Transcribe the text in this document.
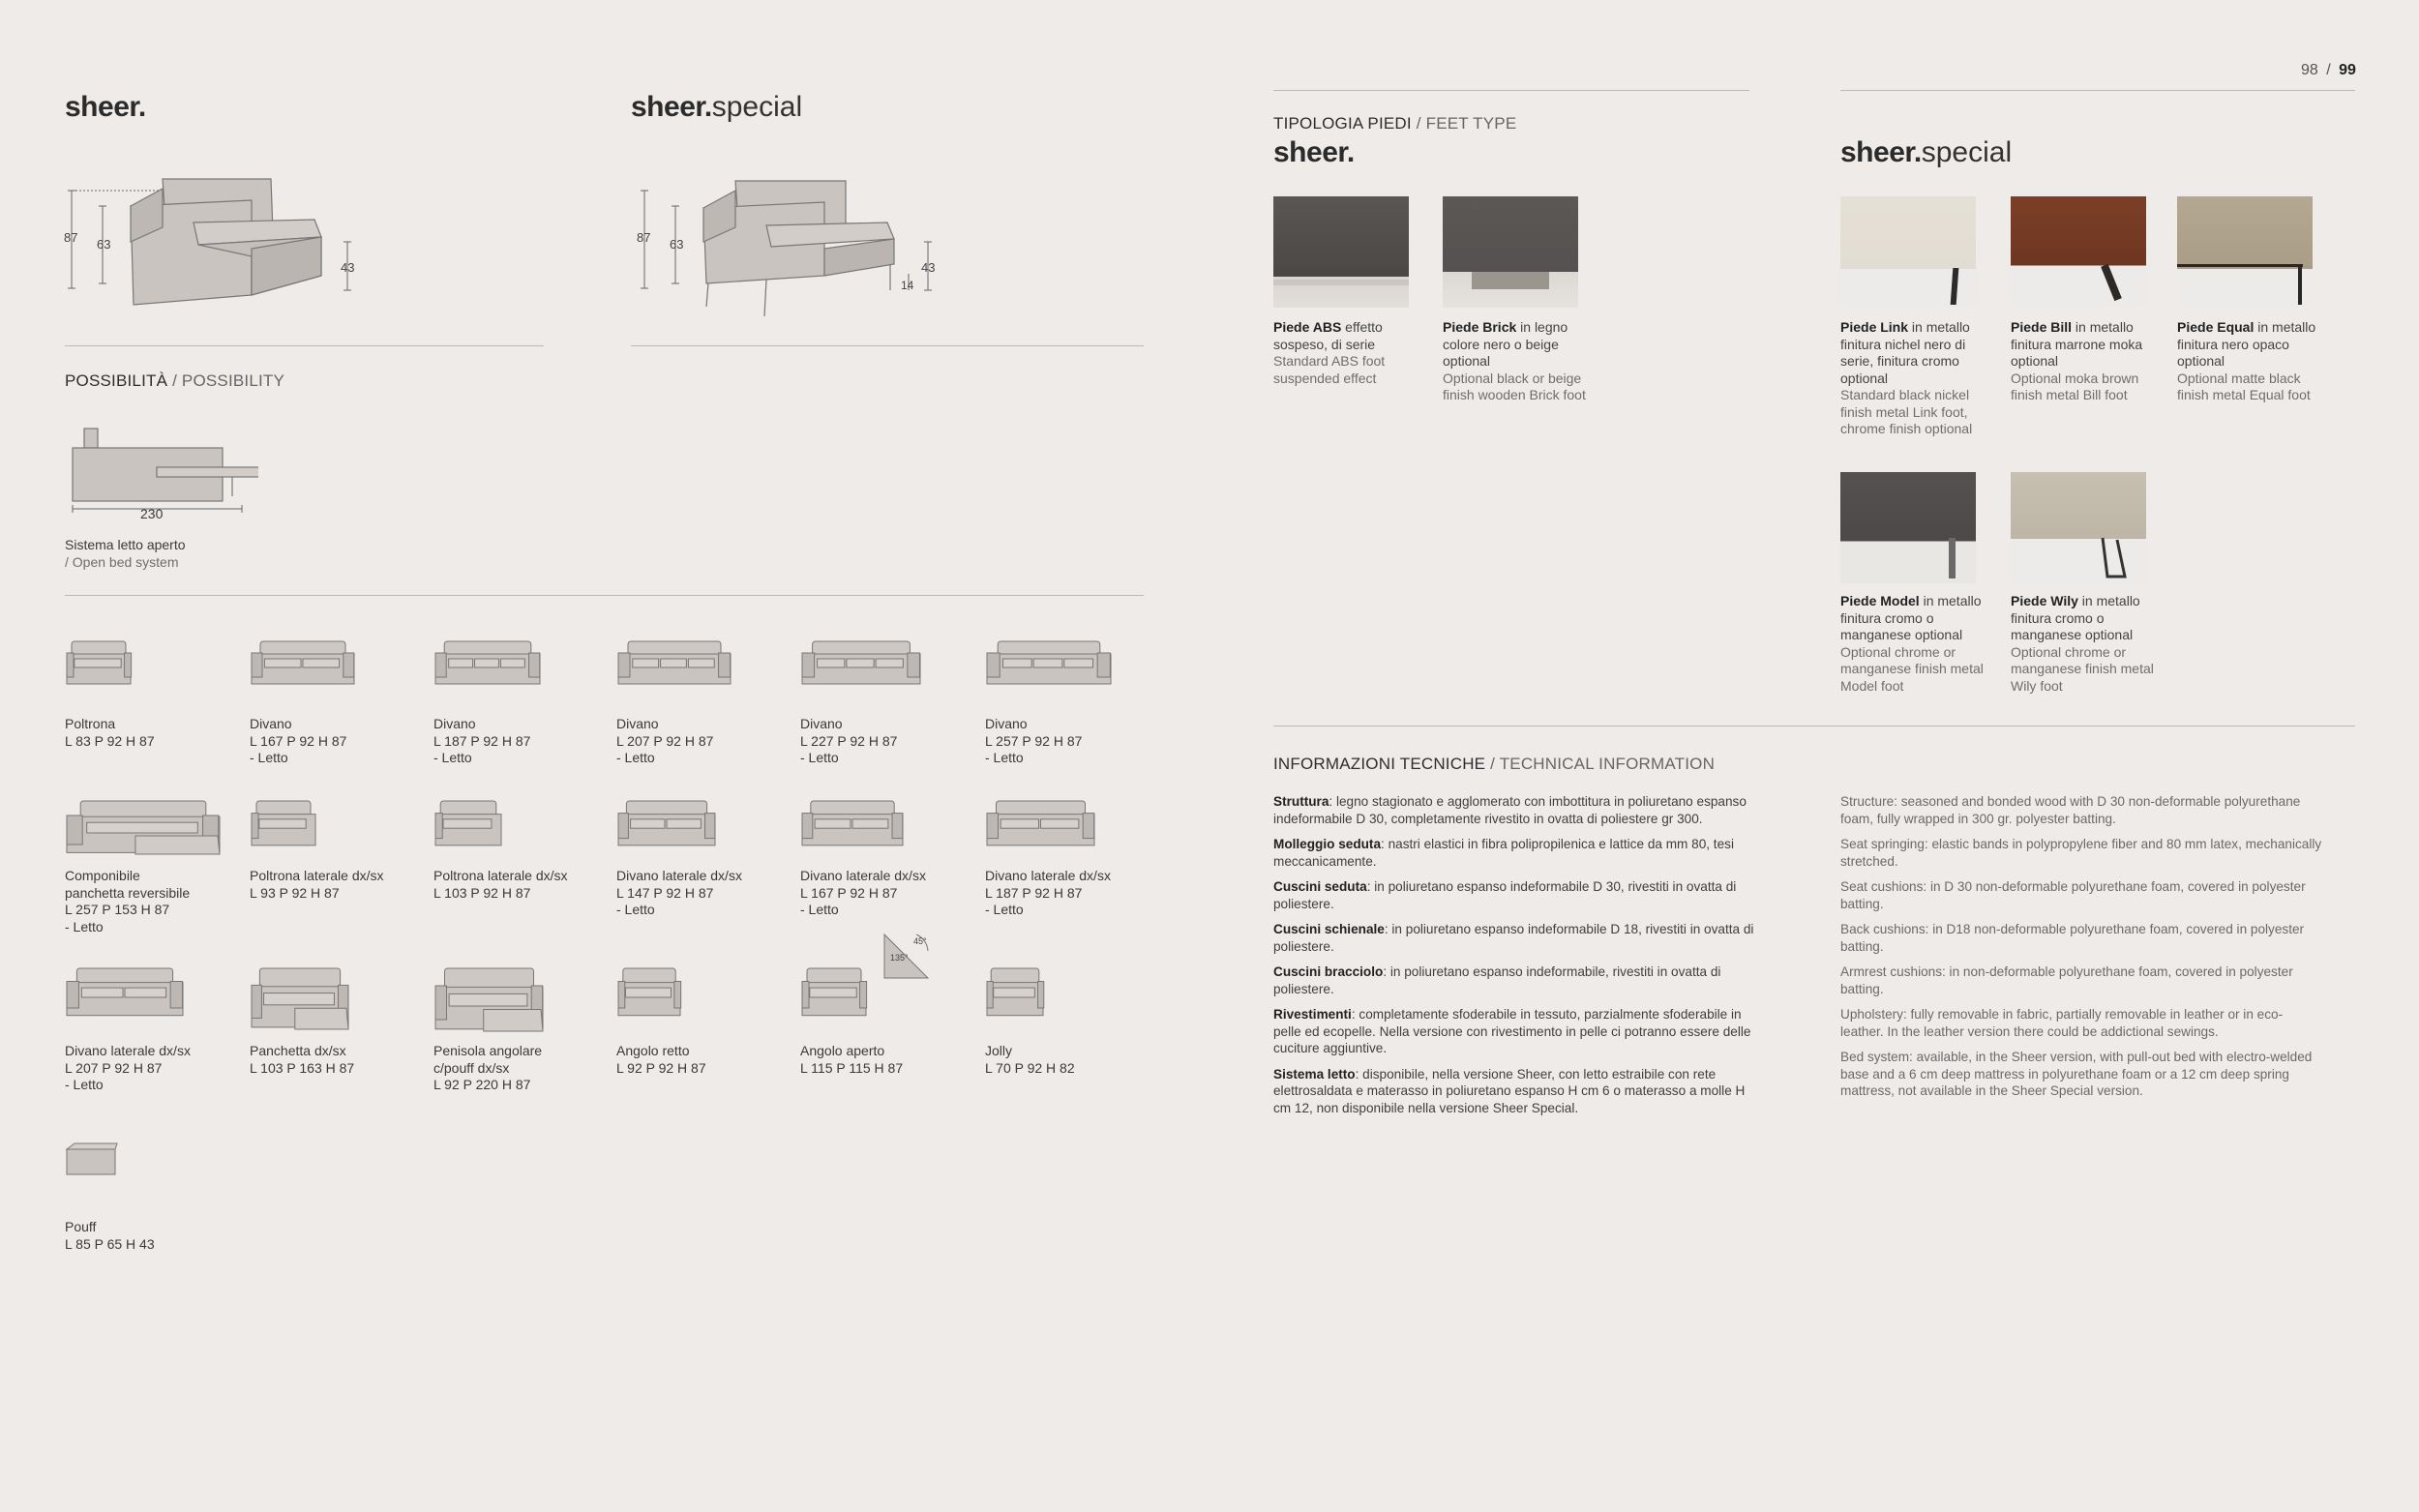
98 / 99
sheer.	sheer.special
87 63
43
87 63
43
14
POSSIBILITÀ / POSSIBILITY
230
Sistema letto aperto
/ Open bed system
Poltrona
L 83 P 92 H 87
Divano
L 167 P 92 H 87
- Letto
Divano
L 187 P 92 H 87
- Letto
Divano
L 207 P 92 H 87
- Letto
Divano
L 227 P 92 H 87
- Letto
Divano
L 257 P 92 H 87
- Letto
Componibile
panchetta reversibile
L 257 P 153 H 87
- Letto
Poltrona laterale dx/sx
L 93 P 92 H 87
Poltrona laterale dx/sx
L 103 P 92 H 87
Divano laterale dx/sx
L 147 P 92 H 87
- Letto
Divano laterale dx/sx
L 167 P 92 H 87
- Letto
Divano laterale dx/sx
L 187 P 92 H 87
- Letto
Divano laterale dx/sx
L 207 P 92 H 87
- Letto
Panchetta dx/sx
L 103 P 163 H 87
Penisola angolare
c/pouff dx/sx
L 92 P 220 H 87
Angolo retto
L 92 P 92 H 87
Angolo aperto
L 115 P 115 H 87
Jolly
L 70 P 92 H 82
Pouff
L 85 P 65 H 43
45°
135°
TIPOLOGIA PIEDI / FEET TYPE
sheer.	sheer.special
Piede ABS effetto sospeso, di serie
Standard ABS foot suspended effect
Piede Brick in legno colore nero o beige optional
Optional black or beige finish wooden Brick foot
Piede Link in metallo finitura nichel nero di serie, finitura cromo optional
Standard black nickel finish metal Link foot, chrome finish optional
Piede Bill in metallo finitura marrone moka optional
Optional moka brown finish metal Bill foot
Piede Equal in metallo finitura nero opaco optional
Optional matte black finish metal Equal foot
Piede Model in metallo finitura cromo o manganese optional
Optional chrome or manganese finish metal Model foot
Piede Wily in metallo finitura cromo o manganese optional
Optional chrome or manganese finish metal Wily foot
INFORMAZIONI TECNICHE / TECHNICAL INFORMATION

Struttura: legno stagionato e agglomerato con imbottitura in poliuretano espanso indeformabile D 30, completamente rivestito in ovatta di poliestere gr 300.

Molleggio seduta: nastri elastici in fibra polipropilenica e lattice da mm 80, tesi meccanicamente.

Cuscini seduta: in poliuretano espanso indeformabile D 30, rivestiti in ovatta di poliestere.

Cuscini schienale: in poliuretano espanso indeformabile D 18, rivestiti in ovatta di poliestere.

Cuscini bracciolo: in poliuretano espanso indeformabile, rivestiti in ovatta di poliestere.

Rivestimenti: completamente sfoderabile in tessuto, parzialmente sfoderabile in pelle ed ecopelle. Nella versione con rivestimento in pelle ci potranno essere delle cuciture aggiuntive.

Sistema letto: disponibile, nella versione Sheer, con letto estraibile con rete elettrosaldata e materasso in poliuretano espanso H cm 6 o materasso a molle H cm 12, non disponibile nella versione Sheer Special.

Structure: seasoned and bonded wood with D 30 non-deformable polyurethane foam, fully wrapped in 300 gr. polyester batting.

Seat springing: elastic bands in polypropylene fiber and 80 mm latex, mechanically stretched.

Seat cushions: in D 30 non-deformable polyurethane foam, covered in polyester batting.

Back cushions: in D18 non-deformable polyurethane foam, covered in polyester batting.

Armrest cushions: in non-deformable polyurethane foam, covered in polyester batting.

Upholstery: fully removable in fabric, partially removable in leather or in eco-leather. In the leather version there could be addictional sewings.

Bed system: available, in the Sheer version, with pull-out bed with electro-welded base and a 6 cm deep mattress in polyurethane foam or a 12 cm deep spring mattress, not available in the Sheer Special version.
